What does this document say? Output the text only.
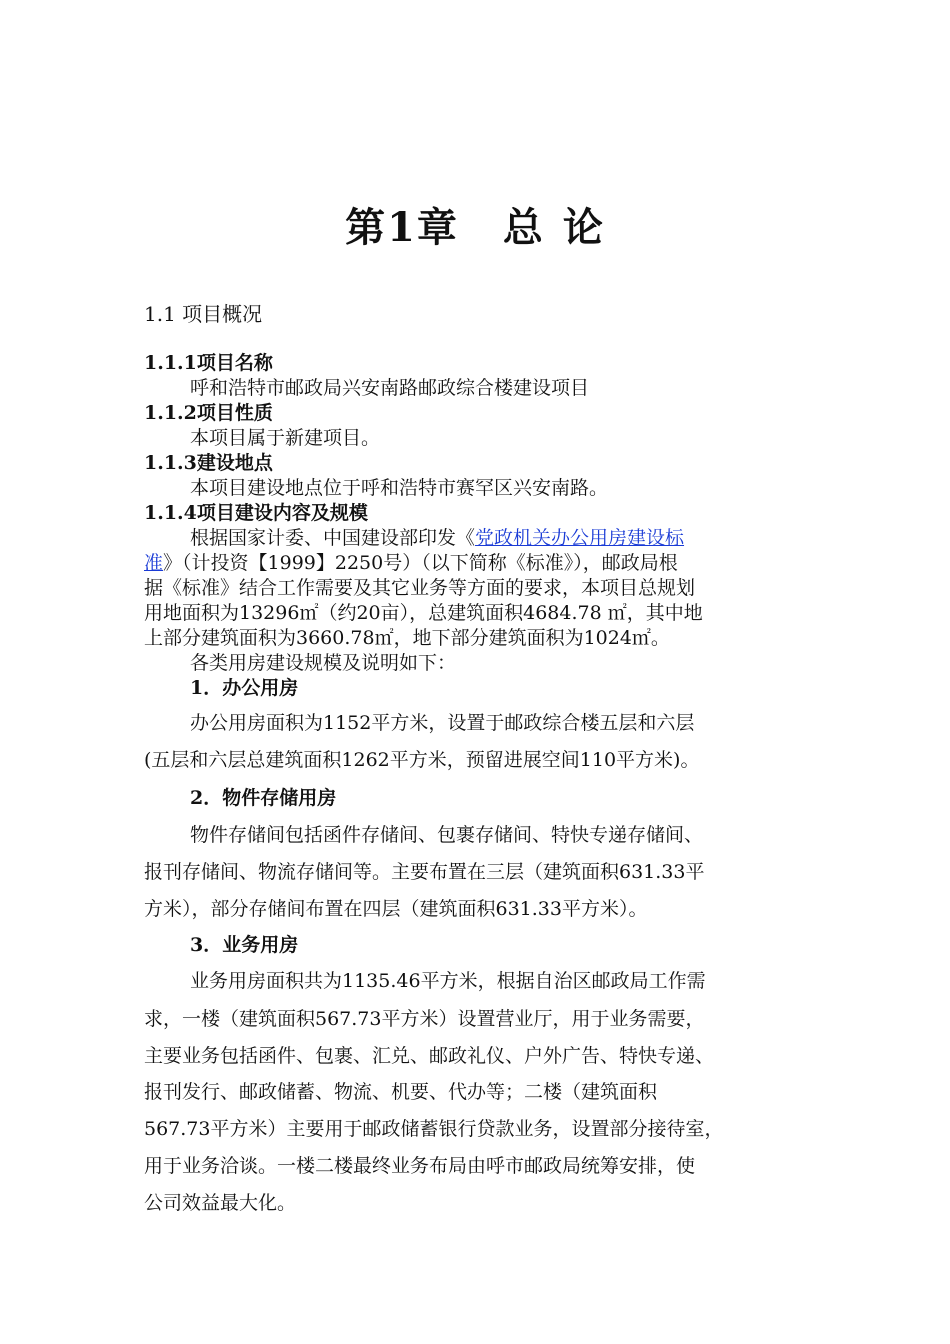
第1章 总 论
1.1 项目概况
1.1.1项目名称
呼和浩特市邮政局兴安南路邮政综合楼建设项目
1.1.2项目性质
本项目属于新建项目。
1.1.3建设地点
本项目建设地点位于呼和浩特市赛罕区兴安南路。
1.1.4项目建设内容及规模
根据国家计委、中国建设部印发《党政机关办公用房建设标
准》（计投资【1999】2250号）（以下简称《标准》），邮政局根
据《标准》结合工作需要及其它业务等方面的要求，本项目总规划
用地面积为13296㎡（约20亩），总建筑面积4684.78 ㎡，其中地
上部分建筑面积为3660.78㎡，地下部分建筑面积为1024㎡。
各类用房建设规模及说明如下：
1．办公用房
办公用房面积为1152平方米，设置于邮政综合楼五层和六层
(五层和六层总建筑面积1262平方米，预留进展空间110平方米)。
2．物件存储用房
物件存储间包括函件存储间、包裹存储间、特快专递存储间、
报刊存储间、物流存储间等。主要布置在三层（建筑面积631.33平
方米），部分存储间布置在四层（建筑面积631.33平方米）。
3．业务用房
业务用房面积共为1135.46平方米，根据自治区邮政局工作需
求，一楼（建筑面积567.73平方米）设置营业厅，用于业务需要，
主要业务包括函件、包裹、汇兑、邮政礼仪、户外广告、特快专递、
报刊发行、邮政储蓄、物流、机要、代办等；二楼（建筑面积
567.73平方米）主要用于邮政储蓄银行贷款业务，设置部分接待室，
用于业务洽谈。一楼二楼最终业务布局由呼市邮政局统筹安排，使
公司效益最大化。
